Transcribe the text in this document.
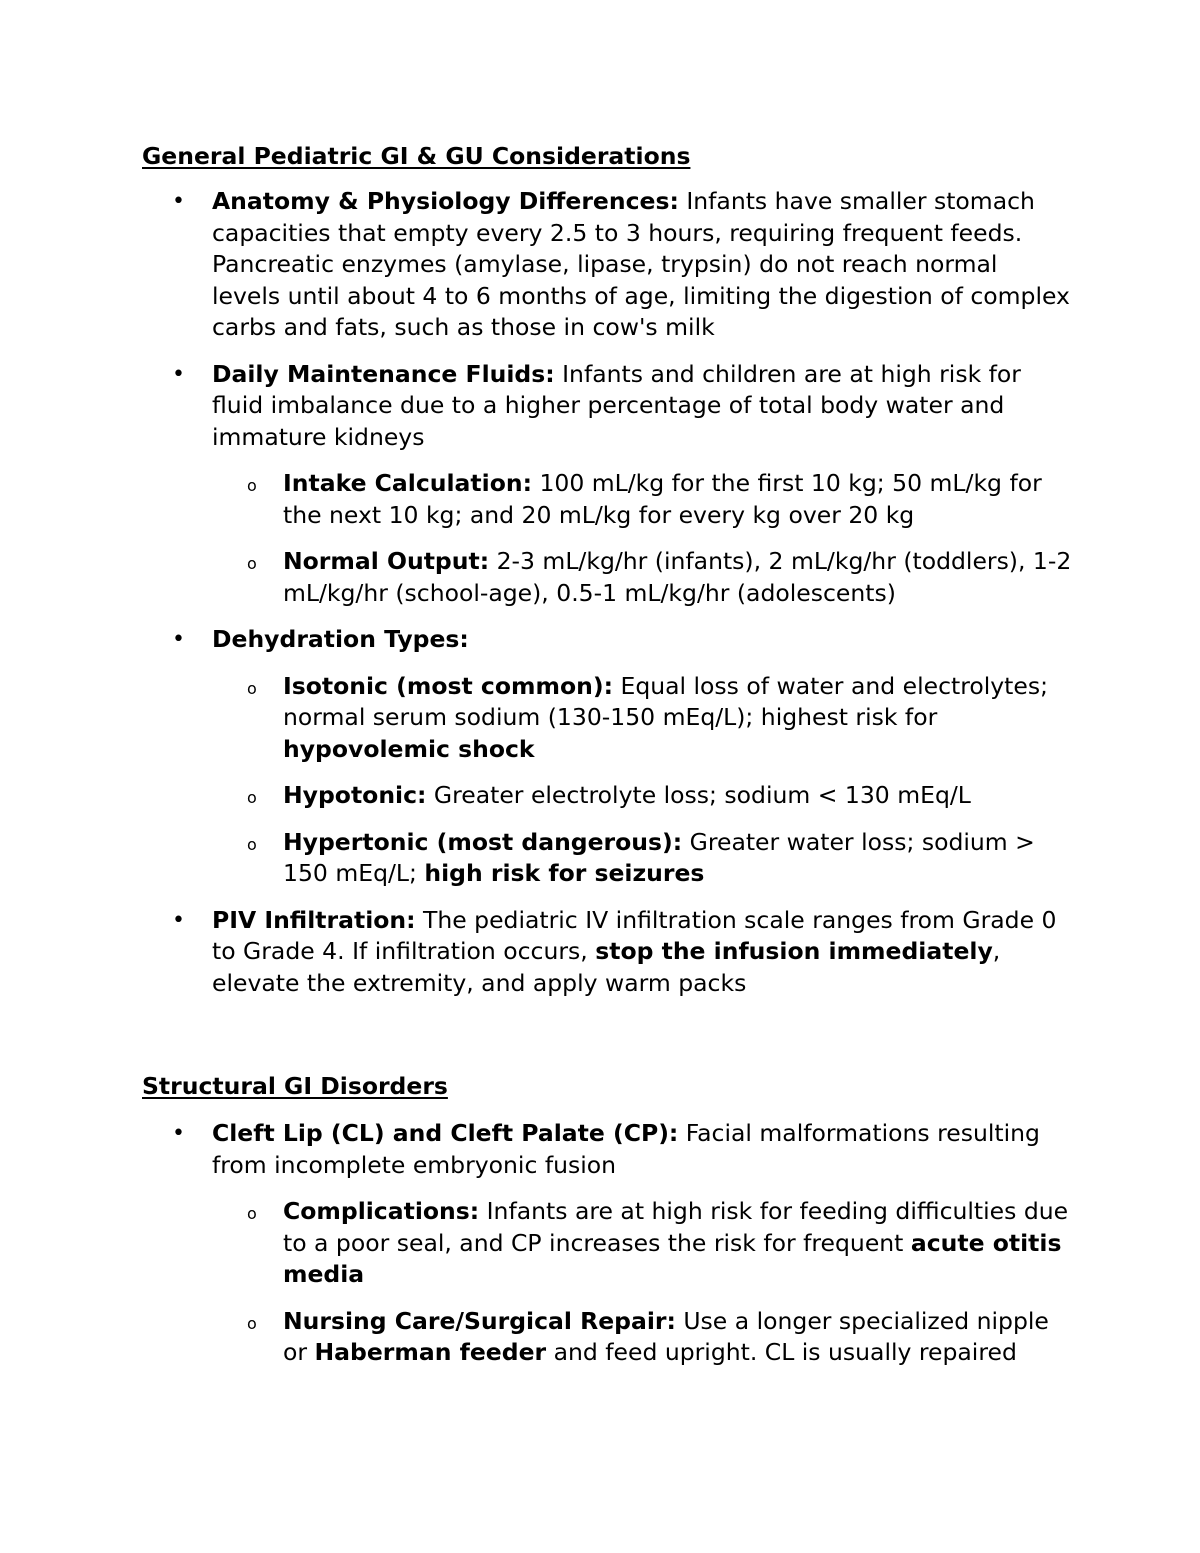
General Pediatric GI & GU Considerations
• Anatomy & Physiology Differences: Infants have smaller stomach capacities that empty every 2.5 to 3 hours, requiring frequent feeds. Pancreatic enzymes (amylase, lipase, trypsin) do not reach normal levels until about 4 to 6 months of age, limiting the digestion of complex carbs and fats, such as those in cow's milk
• Daily Maintenance Fluids: Infants and children are at high risk for fluid imbalance due to a higher percentage of total body water and immature kidneys
o Intake Calculation: 100 mL/kg for the first 10 kg; 50 mL/kg for the next 10 kg; and 20 mL/kg for every kg over 20 kg
o Normal Output: 2-3 mL/kg/hr (infants), 2 mL/kg/hr (toddlers), 1-2 mL/kg/hr (school-age), 0.5-1 mL/kg/hr (adolescents)
• Dehydration Types:
o Isotonic (most common): Equal loss of water and electrolytes; normal serum sodium (130-150 mEq/L); highest risk for hypovolemic shock
o Hypotonic: Greater electrolyte loss; sodium < 130 mEq/L
o Hypertonic (most dangerous): Greater water loss; sodium > 150 mEq/L; high risk for seizures
• PIV Infiltration: The pediatric IV infiltration scale ranges from Grade 0 to Grade 4. If infiltration occurs, stop the infusion immediately, elevate the extremity, and apply warm packs
Structural GI Disorders
• Cleft Lip (CL) and Cleft Palate (CP): Facial malformations resulting from incomplete embryonic fusion
o Complications: Infants are at high risk for feeding difficulties due to a poor seal, and CP increases the risk for frequent acute otitis media
o Nursing Care/Surgical Repair: Use a longer specialized nipple or Haberman feeder and feed upright. CL is usually repaired
